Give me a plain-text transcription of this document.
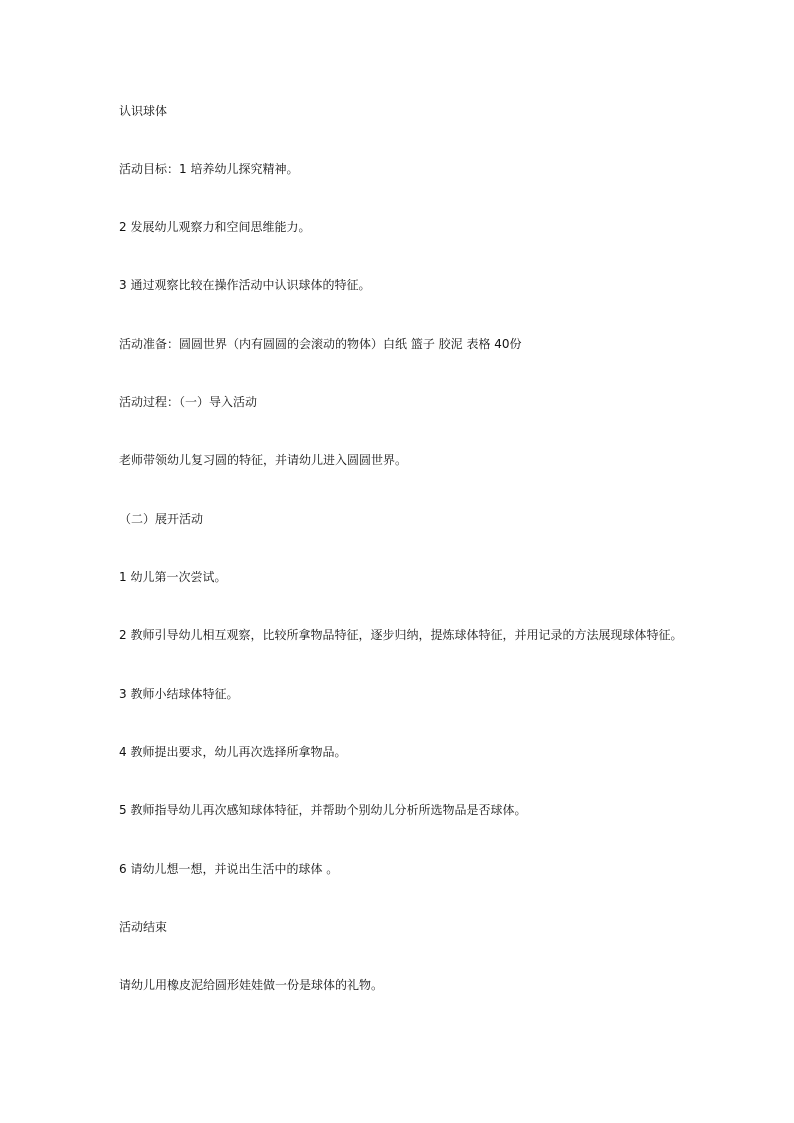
认识球体

活动目标：1 培养幼儿探究精神。

2 发展幼儿观察力和空间思维能力。

3 通过观察比较在操作活动中认识球体的特征。

活动准备：圆圆世界（内有圆圆的会滚动的物体）白纸 篮子 胶泥 表格 40份

活动过程：（一）导入活动

老师带领幼儿复习圆的特征，并请幼儿进入圆圆世界。

（二）展开活动

1 幼儿第一次尝试。

2 教师引导幼儿相互观察，比较所拿物品特征，逐步归纳，提炼球体特征，并用记录的方法展现球体特征。

3 教师小结球体特征。

4 教师提出要求，幼儿再次选择所拿物品。

5 教师指导幼儿再次感知球体特征，并帮助个别幼儿分析所选物品是否球体。

6 请幼儿想一想，并说出生活中的球体 。

活动结束

请幼儿用橡皮泥给圆形娃娃做一份是球体的礼物。
